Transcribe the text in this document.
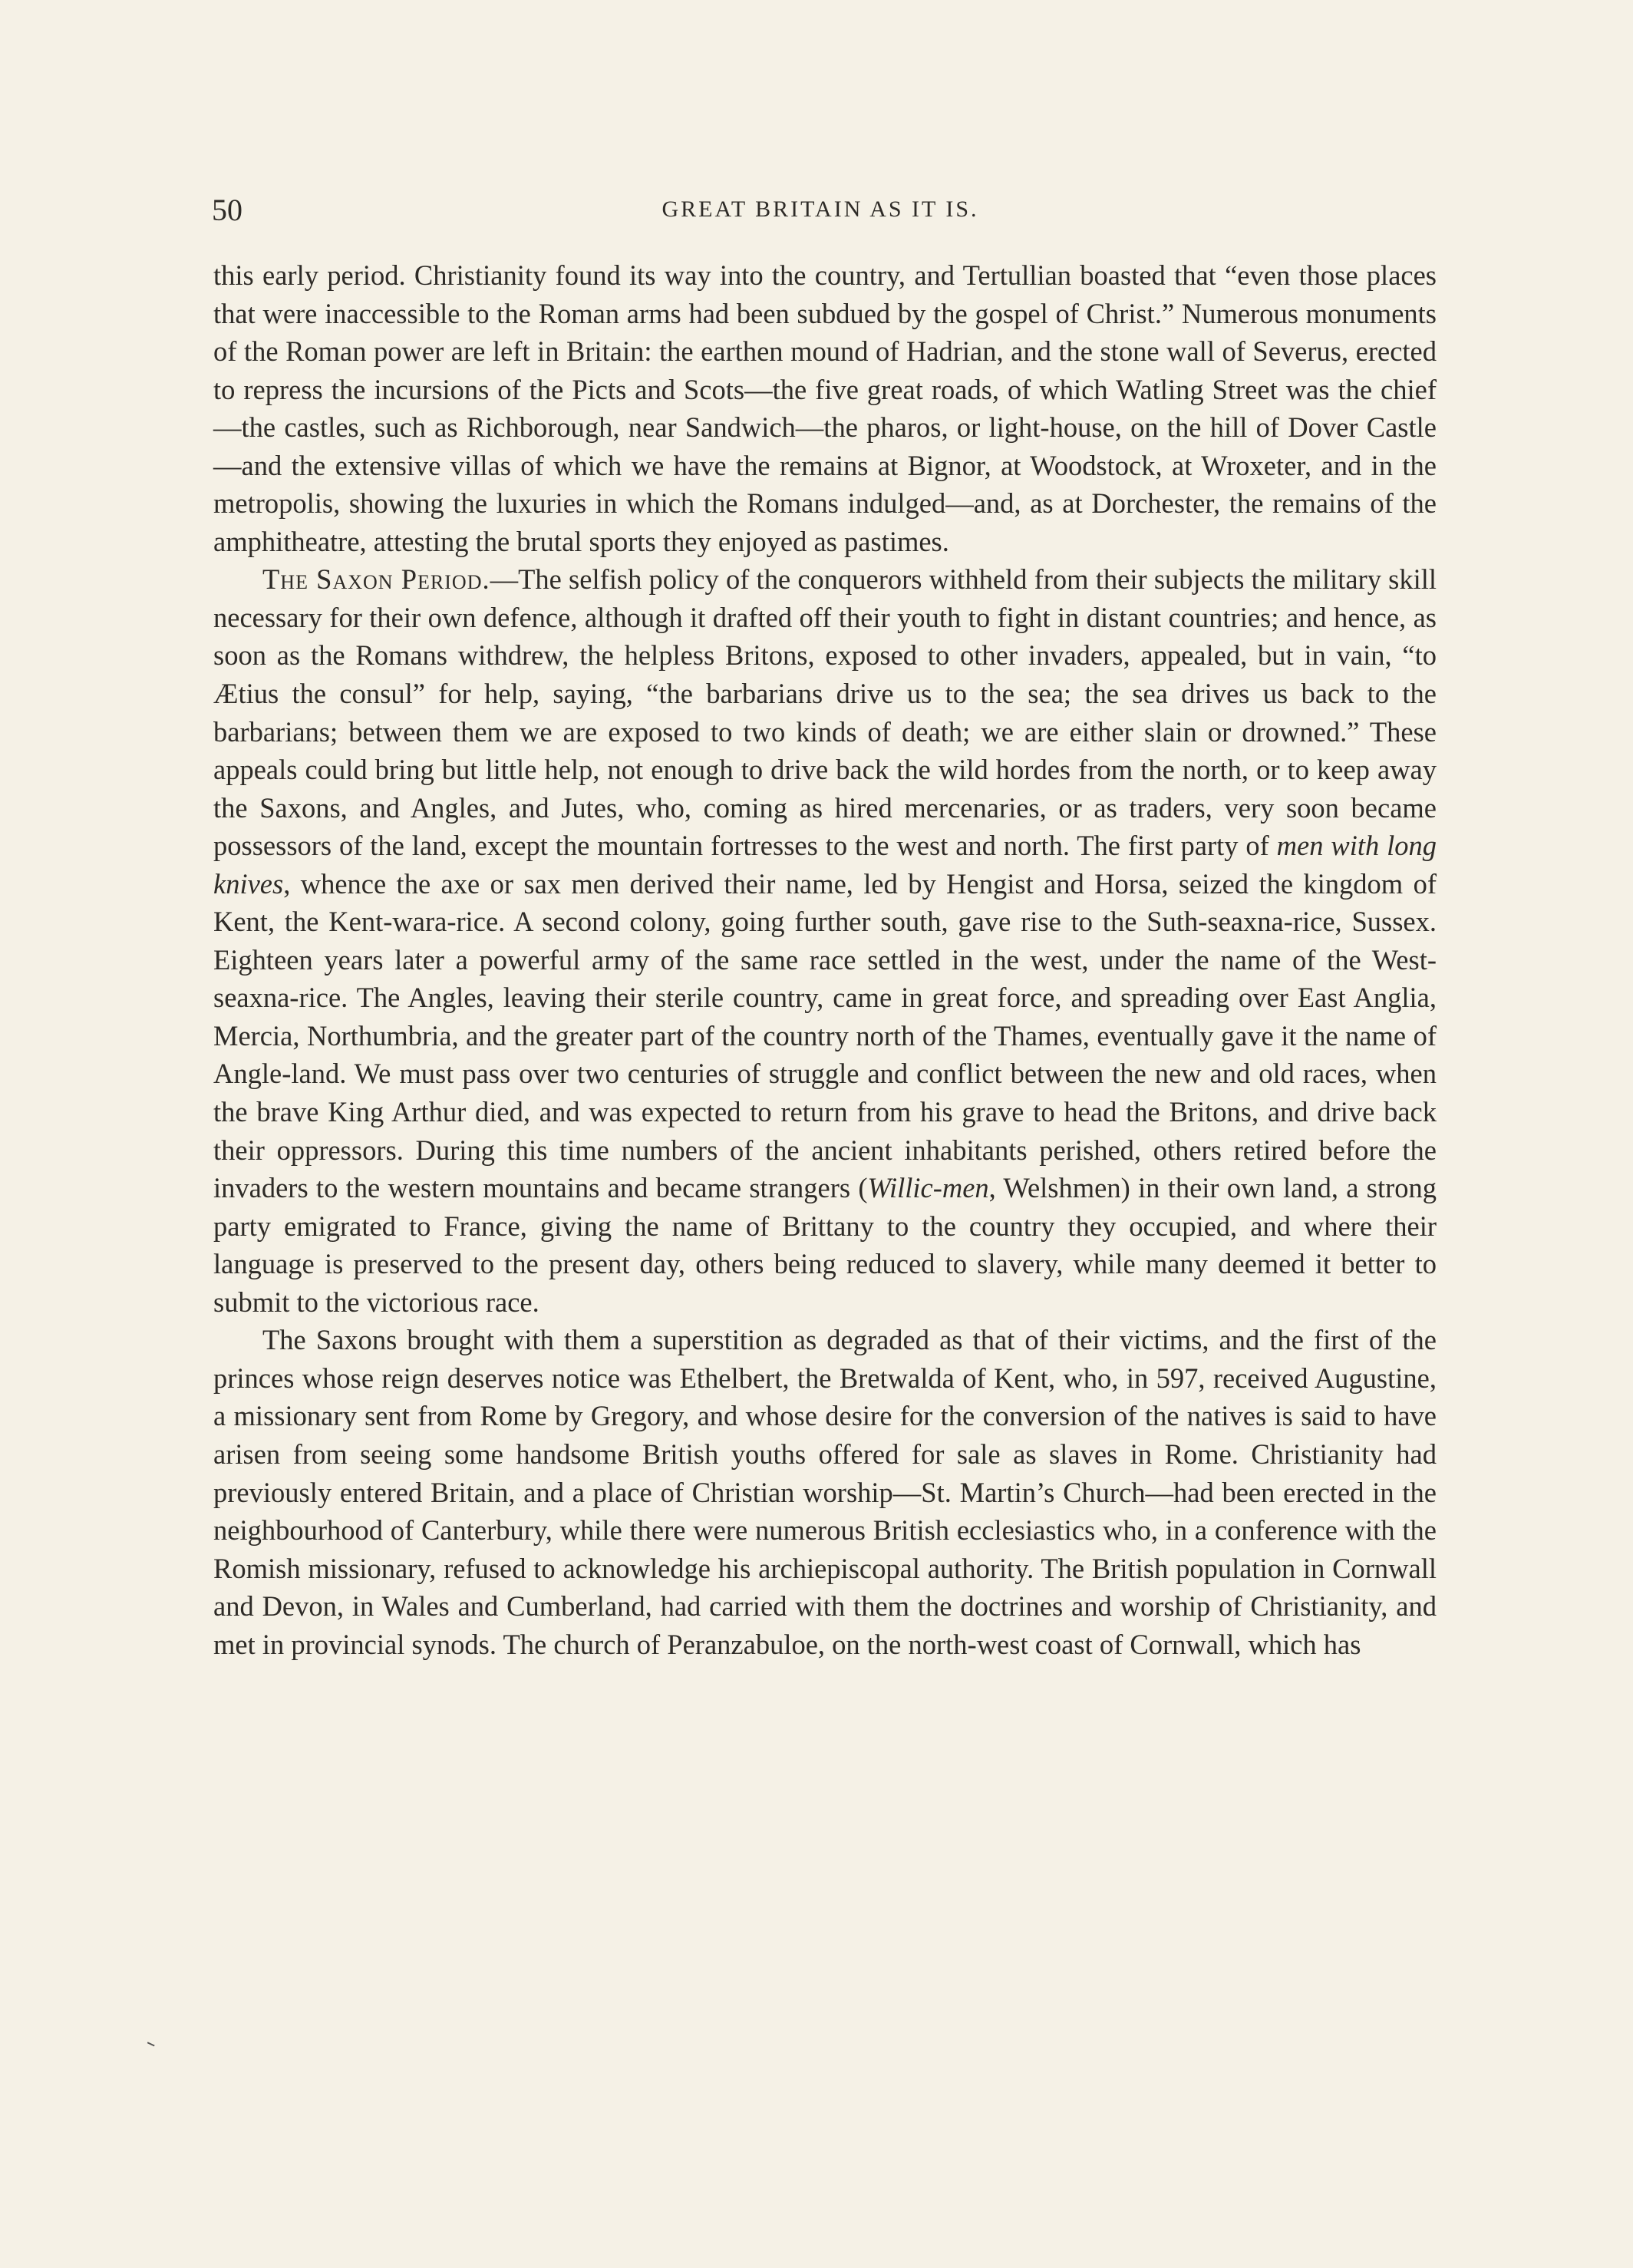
50	GREAT BRITAIN AS IT IS.

this early period. Christianity found its way into the country, and Tertullian boasted that “even those places that were inaccessible to the Roman arms had been subdued by the gospel of Christ.” Numerous monuments of the Roman power are left in Britain: the earthen mound of Hadrian, and the stone wall of Severus, erected to repress the incursions of the Picts and Scots—the five great roads, of which Watling Street was the chief—the castles, such as Richborough, near Sandwich—the pharos, or light-house, on the hill of Dover Castle—and the extensive villas of which we have the remains at Bignor, at Woodstock, at Wroxeter, and in the metropolis, showing the luxuries in which the Romans indulged—and, as at Dorchester, the remains of the amphitheatre, attesting the brutal sports they enjoyed as pastimes.

The Saxon Period.—The selfish policy of the conquerors withheld from their subjects the military skill necessary for their own defence, although it drafted off their youth to fight in distant countries; and hence, as soon as the Romans withdrew, the helpless Britons, exposed to other invaders, appealed, but in vain, “to Ætius the consul” for help, saying, “the barbarians drive us to the sea; the sea drives us back to the barbarians; between them we are exposed to two kinds of death; we are either slain or drowned.” These appeals could bring but little help, not enough to drive back the wild hordes from the north, or to keep away the Saxons, and Angles, and Jutes, who, coming as hired mercenaries, or as traders, very soon became possessors of the land, except the mountain fortresses to the west and north. The first party of men with long knives, whence the axe or sax men derived their name, led by Hengist and Horsa, seized the kingdom of Kent, the Kent-wara-rice. A second colony, going further south, gave rise to the Suth-seaxna-rice, Sussex. Eighteen years later a powerful army of the same race settled in the west, under the name of the West-seaxna-rice. The Angles, leaving their sterile country, came in great force, and spreading over East Anglia, Mercia, Northumbria, and the greater part of the country north of the Thames, eventually gave it the name of Angle-land. We must pass over two centuries of struggle and conflict between the new and old races, when the brave King Arthur died, and was expected to return from his grave to head the Britons, and drive back their oppressors. During this time numbers of the ancient inhabitants perished, others retired before the invaders to the western mountains and became strangers (Willic-men, Welshmen) in their own land, a strong party emigrated to France, giving the name of Brittany to the country they occupied, and where their language is preserved to the present day, others being reduced to slavery, while many deemed it better to submit to the victorious race.

The Saxons brought with them a superstition as degraded as that of their victims, and the first of the princes whose reign deserves notice was Ethelbert, the Bretwalda of Kent, who, in 597, received Augustine, a missionary sent from Rome by Gregory, and whose desire for the conversion of the natives is said to have arisen from seeing some handsome British youths offered for sale as slaves in Rome. Christianity had previously entered Britain, and a place of Christian worship—St. Martin’s Church—had been erected in the neighbourhood of Canterbury, while there were numerous British ecclesiastics who, in a conference with the Romish missionary, refused to acknowledge his archiepiscopal authority. The British population in Cornwall and Devon, in Wales and Cumberland, had carried with them the doctrines and worship of Christianity, and met in provincial synods. The church of Peranzabuloe, on the north-west coast of Cornwall, which has
